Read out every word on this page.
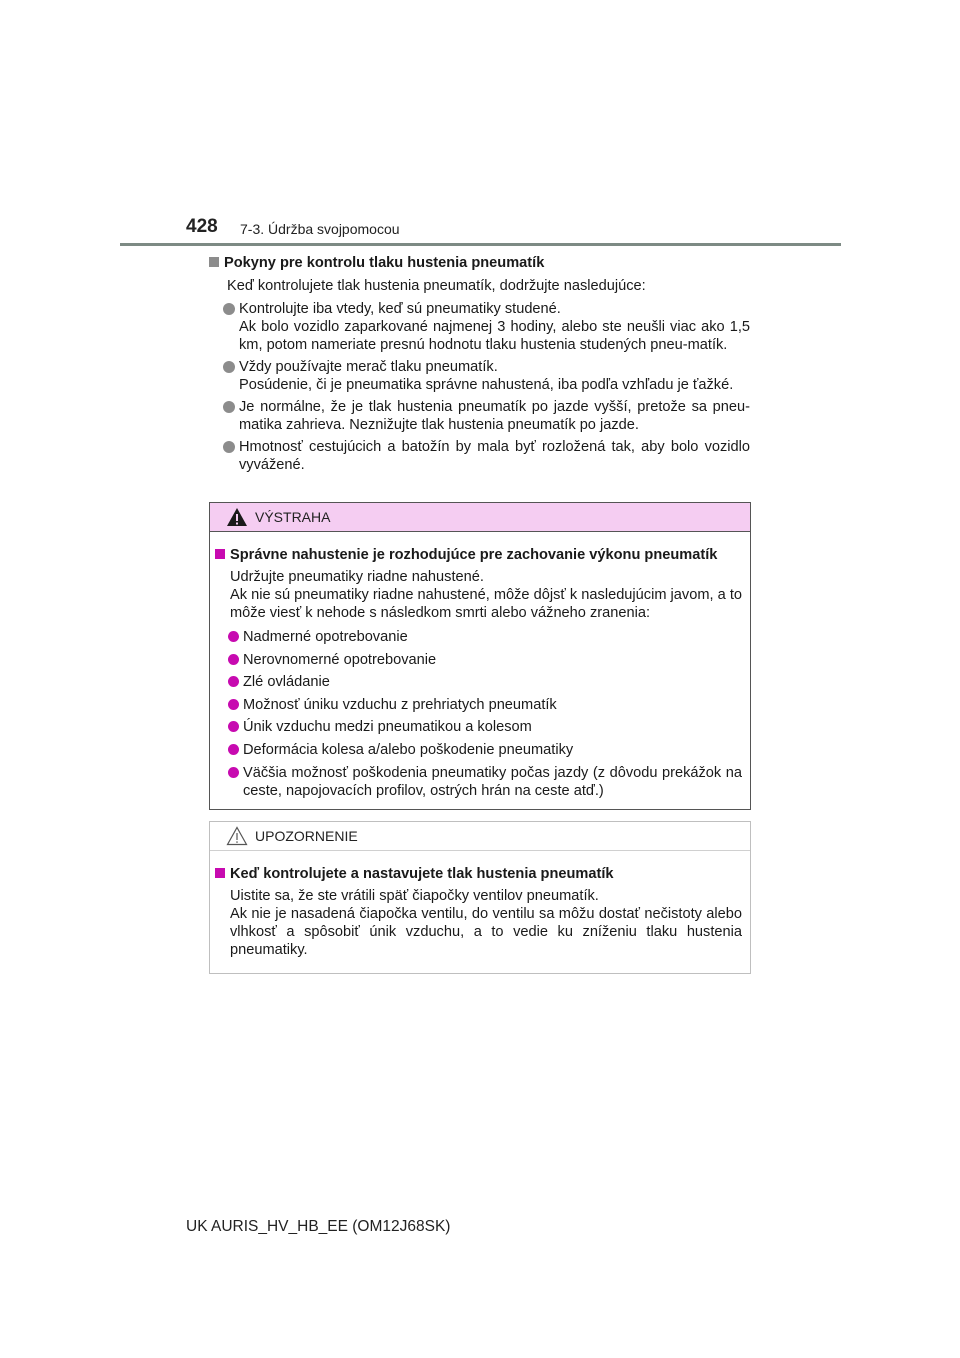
428 7-3. Údržba svojpomocou
Pokyny pre kontrolu tlaku hustenia pneumatík
Keď kontrolujete tlak hustenia pneumatík, dodržujte nasledujúce:
Kontrolujte iba vtedy, keď sú pneumatiky studené.
Ak bolo vozidlo zaparkované najmenej 3 hodiny, alebo ste neušli viac ako 1,5 km, potom nameriate presnú hodnotu tlaku hustenia studených pneu-matík.
Vždy používajte merač tlaku pneumatík.
Posúdenie, či je pneumatika správne nahustená, iba podľa vzhľadu je ťažké.
Je normálne, že je tlak hustenia pneumatík po jazde vyšší, pretože sa pneu-matika zahrieva. Neznižujte tlak hustenia pneumatík po jazde.
Hmotnosť cestujúcich a batožín by mala byť rozložená tak, aby bolo vozidlo vyvážené.
VÝSTRAHA
Správne nahustenie je rozhodujúce pre zachovanie výkonu pneumatík
Udržujte pneumatiky riadne nahustené.
Ak nie sú pneumatiky riadne nahustené, môže dôjsť k nasledujúcim javom, a to môže viesť k nehode s následkom smrti alebo vážneho zranenia:
Nadmerné opotrebovanie
Nerovnomerné opotrebovanie
Zlé ovládanie
Možnosť úniku vzduchu z prehriatych pneumatík
Únik vzduchu medzi pneumatikou a kolesom
Deformácia kolesa a/alebo poškodenie pneumatiky
Väčšia možnosť poškodenia pneumatiky počas jazdy (z dôvodu prekážok na ceste, napojovacích profilov, ostrých hrán na ceste atď.)
UPOZORNENIE
Keď kontrolujete a nastavujete tlak hustenia pneumatík
Uistite sa, že ste vrátili späť čiapočky ventilov pneumatík.
Ak nie je nasadená čiapočka ventilu, do ventilu sa môžu dostať nečistoty alebo vlhkosť a spôsobiť únik vzduchu, a to vedie ku zníženiu tlaku hustenia pneumatiky.
UK AURIS_HV_HB_EE (OM12J68SK)
